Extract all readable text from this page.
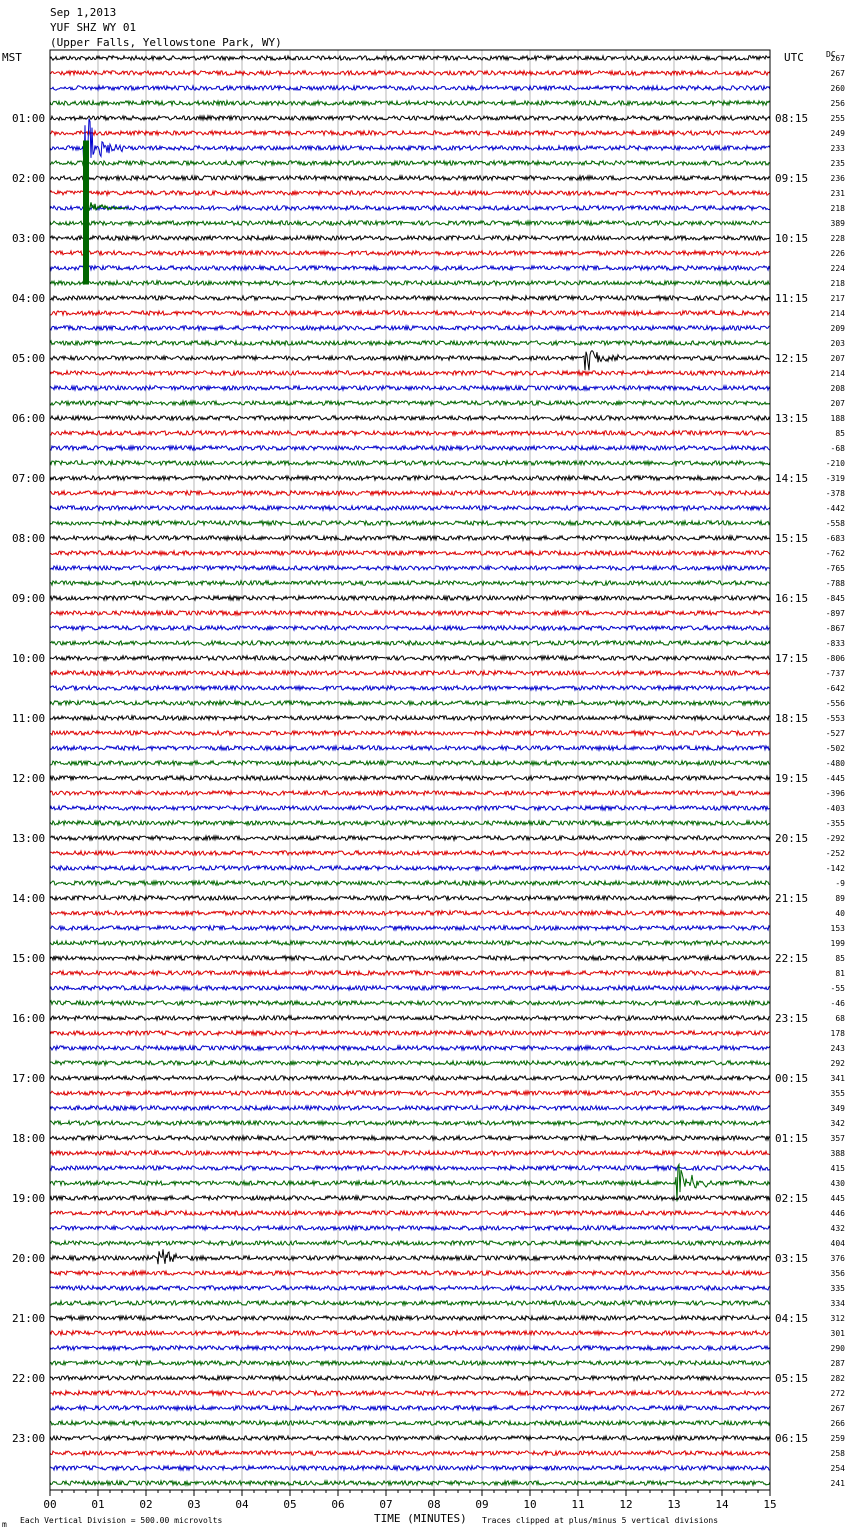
Sep 1,2013
YUF SHZ WY 01
(Upper Falls, Yellowstone Park, WY)
MST	UTC	DC
01:00
02:00
03:00
04:00
05:00
06:00
07:00
08:00
09:00
10:00
11:00
12:00
13:00
14:00
15:00
16:00
17:00
18:00
19:00
20:00
21:00
22:00
23:00
08:15
09:15
10:15
11:15
12:15
13:15
14:15
15:15
16:15
17:15
18:15
19:15
20:15
21:15
22:15
23:15
00:15
01:15
02:15
03:15
04:15
05:15
06:15
267
267
260
256
255
249
233
235
236
231
218
389
228
226
224
218
217
214
209
203
207
214
208
207
188
85
-68
-210
-319
-378
-442
-558
-683
-762
-765
-788
-845
-897
-867
-833
-806
-737
-642
-556
-553
-527
-502
-480
-445
-396
-403
-355
-292
-252
-142
-9
89
40
153
199
85
81
-55
-46
68
178
243
292
341
355
349
342
357
388
415
430
445
446
432
404
376
356
335
334
312
301
290
287
282
272
267
266
259
258
254
241
00	01	02	03	04	05	06	07	08	09	10	11	12	13	14	15
TIME (MINUTES)
Each Vertical Division = 500.00 microvolts	Traces clipped at plus/minus 5 vertical divisions
m
